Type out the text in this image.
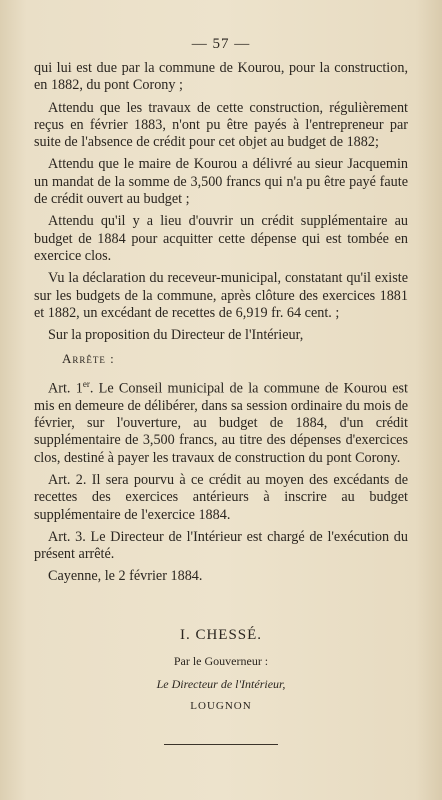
— 57 —

qui lui est due par la commune de Kourou, pour la construction, en 1882, du pont Corony ;

Attendu que les travaux de cette construction, régulièrement reçus en février 1883, n'ont pu être payés à l'entrepreneur par suite de l'absence de crédit pour cet objet au budget de 1882;

Attendu que le maire de Kourou a délivré au sieur Jacquemin un mandat de la somme de 3,500 francs qui n'a pu être payé faute de crédit ouvert au budget ;

Attendu qu'il y a lieu d'ouvrir un crédit supplémentaire au budget de 1884 pour acquitter cette dépense qui est tombée en exercice clos.

Vu la déclaration du receveur-municipal, constatant qu'il existe sur les budgets de la commune, après clôture des exercices 1881 et 1882, un excédant de recettes de 6,919 fr. 64 cent. ;

Sur la proposition du Directeur de l'Intérieur,

Arrête :

Art. 1er. Le Conseil municipal de la commune de Kourou est mis en demeure de délibérer, dans sa session ordinaire du mois de février, sur l'ouverture, au budget de 1884, d'un crédit supplémentaire de 3,500 francs, au titre des dépenses d'exercices clos, destiné à payer les travaux de construction du pont Corony.

Art. 2. Il sera pourvu à ce crédit au moyen des excédants de recettes des exercices antérieurs à inscrire au budget supplémentaire de l'exercice 1884.

Art. 3. Le Directeur de l'Intérieur est chargé de l'exécution du présent arrêté.

Cayenne, le 2 février 1884.

I. CHESSÉ.
Par le Gouverneur :
Le Directeur de l'Intérieur,
LOUGNON
